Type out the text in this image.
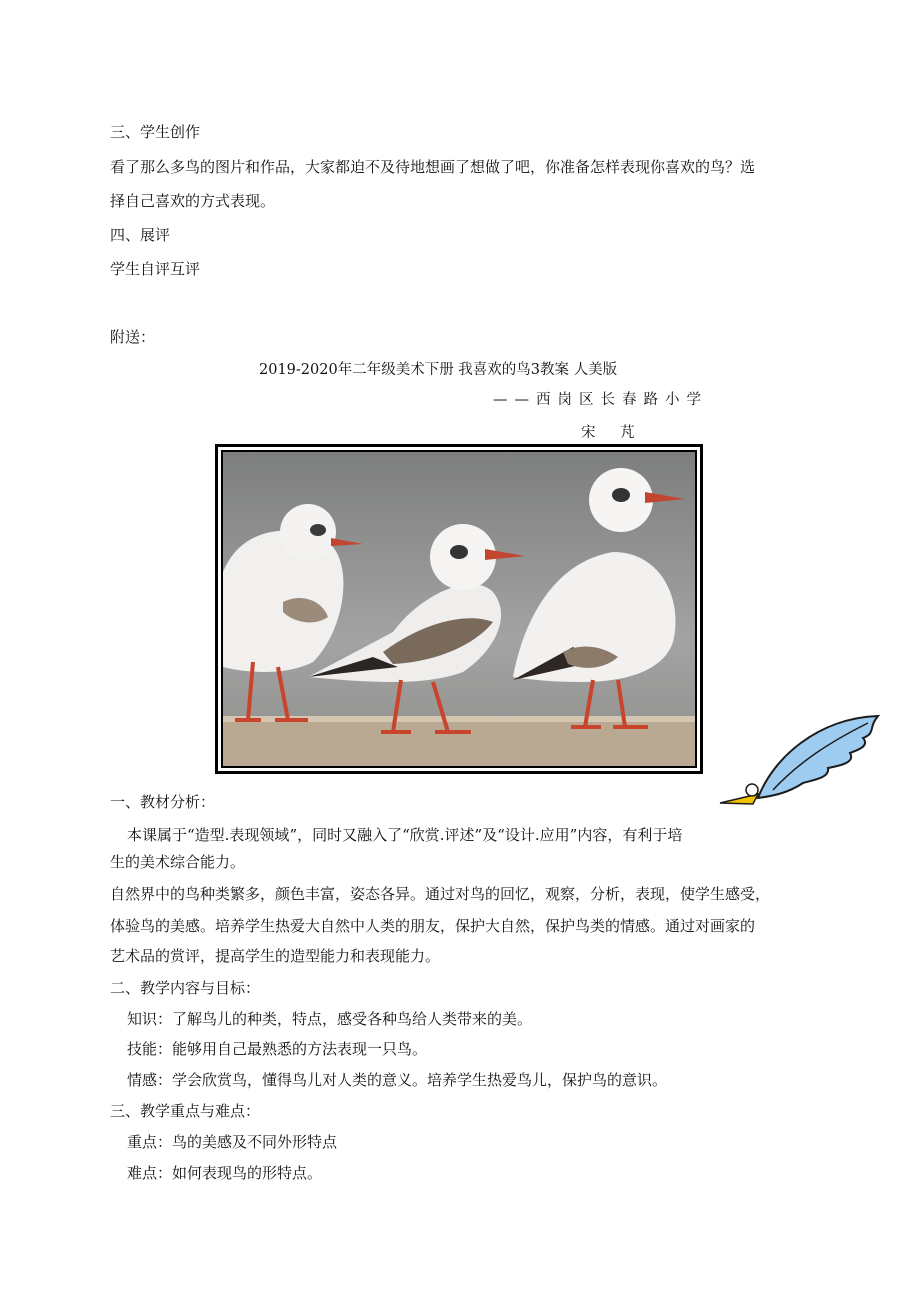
三、学生创作
看了那么多鸟的图片和作品，大家都迫不及待地想画了想做了吧，你准备怎样表现你喜欢的鸟？选
择自己喜欢的方式表现。
四、展评
学生自评互评
附送：
2019-2020年二年级美术下册 我喜欢的鸟3教案 人美版
——西岗区长春路小学
宋 芃
一、教材分析：
本课属于“造型.表现领域”，同时又融入了“欣赏.评述”及“设计.应用”内容，有利于培
生的美术综合能力。
自然界中的鸟种类繁多，颜色丰富，姿态各异。通过对鸟的回忆，观察，分析，表现，使学生感受，
体验鸟的美感。培养学生热爱大自然中人类的朋友，保护大自然，保护鸟类的情感。通过对画家的
艺术品的赏评，提高学生的造型能力和表现能力。
二、教学内容与目标：
知识：了解鸟儿的种类，特点，感受各种鸟给人类带来的美。
技能：能够用自己最熟悉的方法表现一只鸟。
情感：学会欣赏鸟，懂得鸟儿对人类的意义。培养学生热爱鸟儿，保护鸟的意识。
三、教学重点与难点：
重点：鸟的美感及不同外形特点
难点：如何表现鸟的形特点。
